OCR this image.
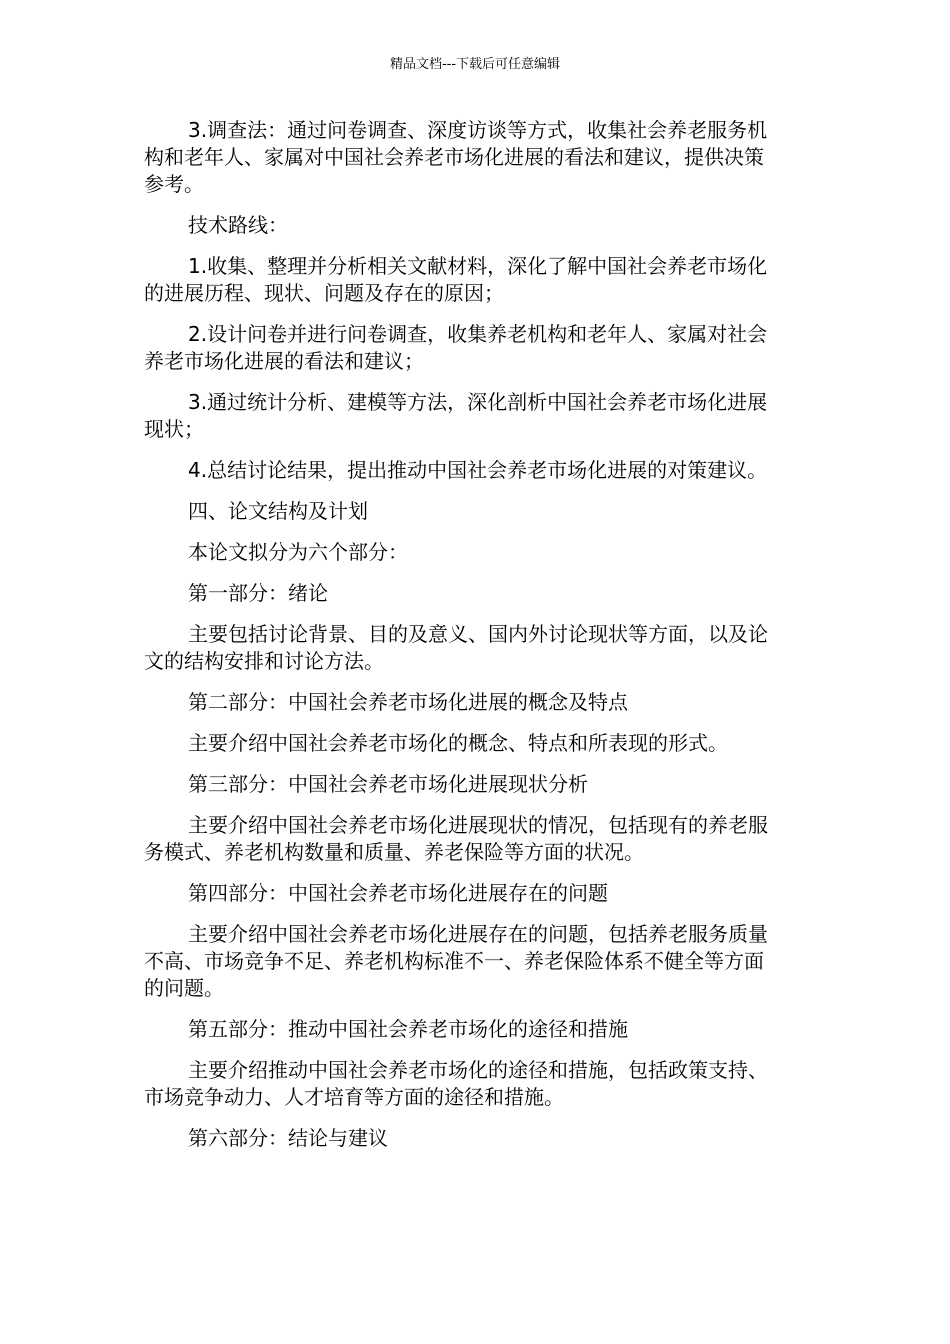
精品文档---下载后可任意编辑

3.调查法：通过问卷调查、深度访谈等方式，收集社会养老服务机
构和老年人、家属对中国社会养老市场化进展的看法和建议，提供决策
参考。

技术路线：

1.收集、整理并分析相关文献材料，深化了解中国社会养老市场化
的进展历程、现状、问题及存在的原因；

2.设计问卷并进行问卷调查，收集养老机构和老年人、家属对社会
养老市场化进展的看法和建议；

3.通过统计分析、建模等方法，深化剖析中国社会养老市场化进展
现状；

4.总结讨论结果，提出推动中国社会养老市场化进展的对策建议。

四、论文结构及计划

本论文拟分为六个部分：

第一部分：绪论

主要包括讨论背景、目的及意义、国内外讨论现状等方面，以及论
文的结构安排和讨论方法。

第二部分：中国社会养老市场化进展的概念及特点

主要介绍中国社会养老市场化的概念、特点和所表现的形式。

第三部分：中国社会养老市场化进展现状分析

主要介绍中国社会养老市场化进展现状的情况，包括现有的养老服
务模式、养老机构数量和质量、养老保险等方面的状况。

第四部分：中国社会养老市场化进展存在的问题

主要介绍中国社会养老市场化进展存在的问题，包括养老服务质量
不高、市场竞争不足、养老机构标准不一、养老保险体系不健全等方面
的问题。

第五部分：推动中国社会养老市场化的途径和措施

主要介绍推动中国社会养老市场化的途径和措施，包括政策支持、
市场竞争动力、人才培育等方面的途径和措施。

第六部分：结论与建议
